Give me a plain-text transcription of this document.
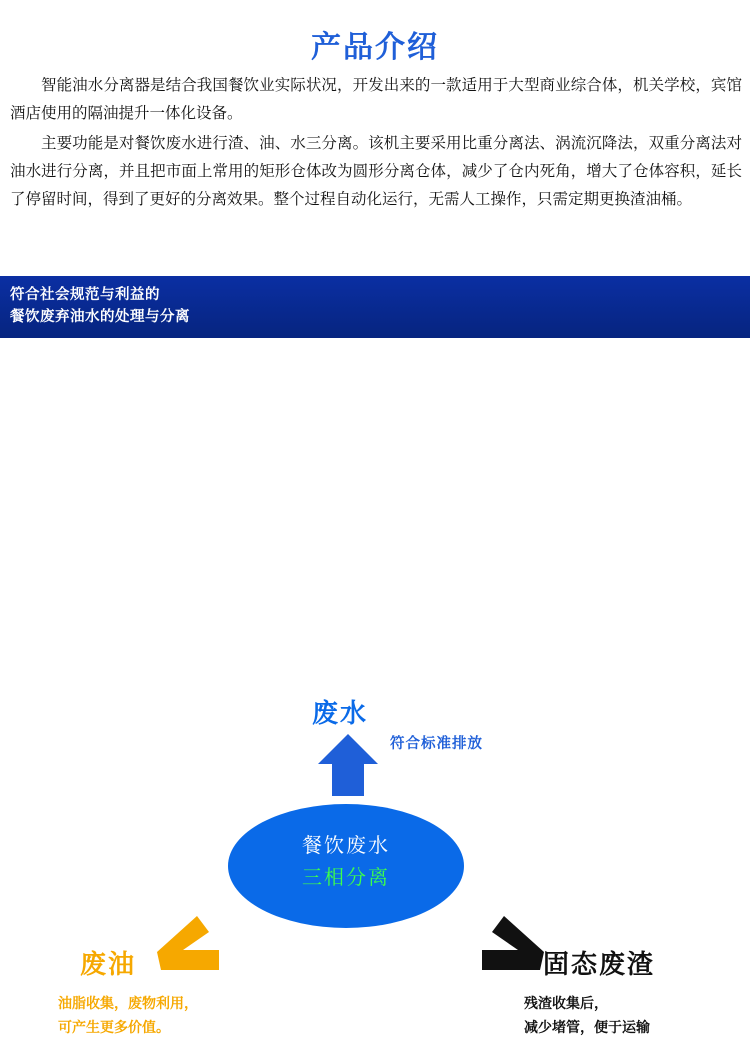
产品介绍

智能油水分离器是结合我国餐饮业实际状况，开发出来的一款适用于大型商业综合体，机关学校，宾馆酒店使用的隔油提升一体化设备。

主要功能是对餐饮废水进行渣、油、水三分离。该机主要采用比重分离法、涡流沉降法，双重分离法对油水进行分离，并且把市面上常用的矩形仓体改为圆形分离仓体，减少了仓内死角，增大了仓体容积，延长了停留时间，得到了更好的分离效果。整个过程自动化运行，无需人工操作，只需定期更换渣油桶。

符合社会规范与利益的
餐饮废弃油水的处理与分离
废水
符合标准排放
餐饮废水
三相分离
废油
油脂收集，废物利用，
可产生更多价值。
固态废渣
残渣收集后，
减少堵管，便于运输
